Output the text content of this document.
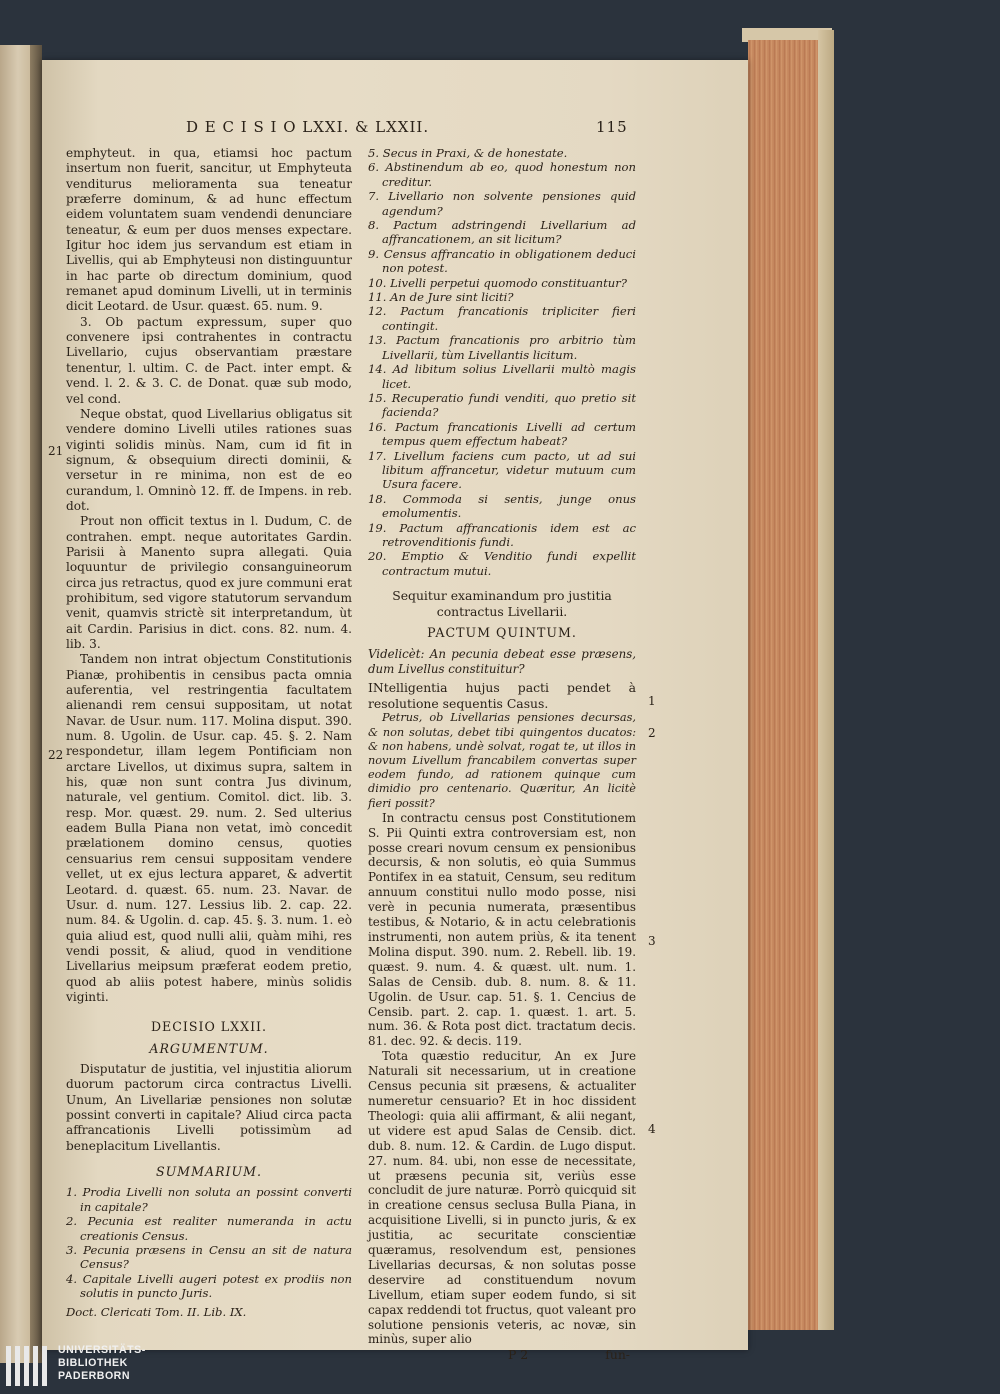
D E C I S I O LXXI. & LXXII.	115

emphyteut. in qua, etiamsi hoc pactum insertum non fuerit, sancitur, ut Emphyteuta venditurus melioramenta sua teneatur præferre dominum, & ad hunc effectum eidem voluntatem suam vendendi denunciare teneatur, & eum per duos menses expectare. Igitur hoc idem jus servandum est etiam in Livellis, qui ab Emphyteusi non distinguuntur in hac parte ob directum dominium, quod remanet apud dominum Livelli, ut in terminis dicit Leotard. de Usur. quæst. 65. num. 9.

3. Ob pactum expressum, super quo convenere ipsi contrahentes in contractu Livellario, cujus observantiam præstare tenentur, l. ultim. C. de Pact. inter empt. & vend. l. 2. & 3. C. de Donat. quæ sub modo, vel cond.

Neque obstat, quod Livellarius obligatus sit vendere domino Livelli utiles rationes suas viginti solidis minùs. Nam, cum id fit in signum, & obsequium directi dominii, & versetur in re minima, non est de eo curandum, l. Omninò 12. ff. de Impens. in reb. dot.

Prout non officit textus in l. Dudum, C. de contrahen. empt. neque autoritates Gardin. Parisii à Manento supra allegati. Quia loquuntur de privilegio consanguineorum circa jus retractus, quod ex jure communi erat prohibitum, sed vigore statutorum servandum venit, quamvis strictè sit interpretandum, ùt ait Cardin. Parisius in dict. cons. 82. num. 4. lib. 3.

Tandem non intrat objectum Constitutionis Pianæ, prohibentis in censibus pacta omnia auferentia, vel restringentia facultatem alienandi rem censui suppositam, ut notat Navar. de Usur. num. 117. Molina disput. 390. num. 8. Ugolin. de Usur. cap. 45. §. 2. Nam respondetur, illam legem Pontificiam non arctare Livellos, ut diximus supra, saltem in his, quæ non sunt contra Jus divinum, naturale, vel gentium. Comitol. dict. lib. 3. resp. Mor. quæst. 29. num. 2. Sed ulterius eadem Bulla Piana non vetat, imò concedit prælationem domino census, quoties censuarius rem censui suppositam vendere vellet, ut ex ejus lectura apparet, & advertit Leotard. d. quæst. 65. num. 23. Navar. de Usur. d. num. 127. Lessius lib. 2. cap. 22. num. 84. & Ugolin. d. cap. 45. §. 3. num. 1. eò quia aliud est, quod nulli alii, quàm mihi, res vendi possit, & aliud, quod in venditione Livellarius meipsum præferat eodem pretio, quod ab aliis potest habere, minùs solidis viginti.

DECISIO LXXII.

ARGUMENTUM.

Disputatur de justitia, vel injustitia aliorum duorum pactorum circa contractus Livelli. Unum, An Livellariæ pensiones non solutæ possint converti in capitale? Aliud circa pacta affrancationis Livelli potissimùm ad beneplacitum Livellantis.

SUMMARIUM.

1. Prodia Livelli non soluta an possint converti in capitale?

2. Pecunia est realiter numeranda in actu creationis Census.

3. Pecunia præsens in Censu an sit de natura Census?

4. Capitale Livelli augeri potest ex prodiis non solutis in puncto Juris.

Doct. Clericati Tom. II. Lib. IX.

5. Secus in Praxi, & de honestate.

6. Abstinendum ab eo, quod honestum non creditur.

7. Livellario non solvente pensiones quid agendum?

8. Pactum adstringendi Livellarium ad affrancationem, an sit licitum?

9. Census affrancatio in obligationem deduci non potest.

10. Livelli perpetui quomodo constituantur?

11. An de Jure sint liciti?

12. Pactum francationis tripliciter fieri contingit.

13. Pactum francationis pro arbitrio tùm Livellarii, tùm Livellantis licitum.

14. Ad libitum solius Livellarii multò magis licet.

15. Recuperatio fundi venditi, quo pretio sit facienda?

16. Pactum francationis Livelli ad certum tempus quem effectum habeat?

17. Livellum faciens cum pacto, ut ad sui libitum affrancetur, videtur mutuum cum Usura facere.

18. Commoda si sentis, junge onus emolumentis.

19. Pactum affrancationis idem est ac retrovenditionis fundi.

20. Emptio & Venditio fundi expellit contractum mutui.

Sequitur examinandum pro justitia contractus Livellarii.

PACTUM QUINTUM.

Videlicèt: An pecunia debeat esse præsens, dum Livellus constituitur?

INtelligentia hujus pacti pendet à resolutione sequentis Casus.

Petrus, ob Livellarias pensiones decursas, & non solutas, debet tibi quingentos ducatos: & non habens, undè solvat, rogat te, ut illos in novum Livellum francabilem convertas super eodem fundo, ad rationem quinque cum dimidio pro centenario. Quæritur, An licitè fieri possit?

In contractu census post Constitutionem S. Pii Quinti extra controversiam est, non posse creari novum censum ex pensionibus decursis, & non solutis, eò quia Summus Pontifex in ea statuit, Censum, seu reditum annuum constitui nullo modo posse, nisi verè in pecunia numerata, præsentibus testibus, & Notario, & in actu celebrationis instrumenti, non autem priùs, & ita tenent Molina disput. 390. num. 2. Rebell. lib. 19. quæst. 9. num. 4. & quæst. ult. num. 1. Salas de Censib. dub. 8. num. 8. & 11. Ugolin. de Usur. cap. 51. §. 1. Cencius de Censib. part. 2. cap. 1. quæst. 1. art. 5. num. 36. & Rota post dict. tractatum decis. 81. dec. 92. & decis. 119.

Tota quæstio reducitur, An ex Jure Naturali sit necessarium, ut in creatione Census pecunia sit præsens, & actualiter numeretur censuario? Et in hoc dissident Theologi: quia alii affirmant, & alii negant, ut videre est apud Salas de Censib. dict. dub. 8. num. 12. & Cardin. de Lugo disput. 27. num. 84. ubi, non esse de necessitate, ut præsens pecunia sit, veriùs esse concludit de jure naturæ. Porrò quicquid sit in creatione census seclusa Bulla Piana, in acquisitione Livelli, si in puncto juris, & ex justitia, ac securitate conscientiæ quæramus, resolvendum est, pensiones Livellarias decursas, & non solutas posse deservire ad constituendum novum Livellum, etiam super eodem fundo, si sit capax reddendi tot fructus, quot valeant pro solutione pensionis veteris, ac novæ, sin minùs, super alio

P 2	fun-
21
22
1
2
3
4
UNIVERSITÄTS-
BIBLIOTHEK
PADERBORN
